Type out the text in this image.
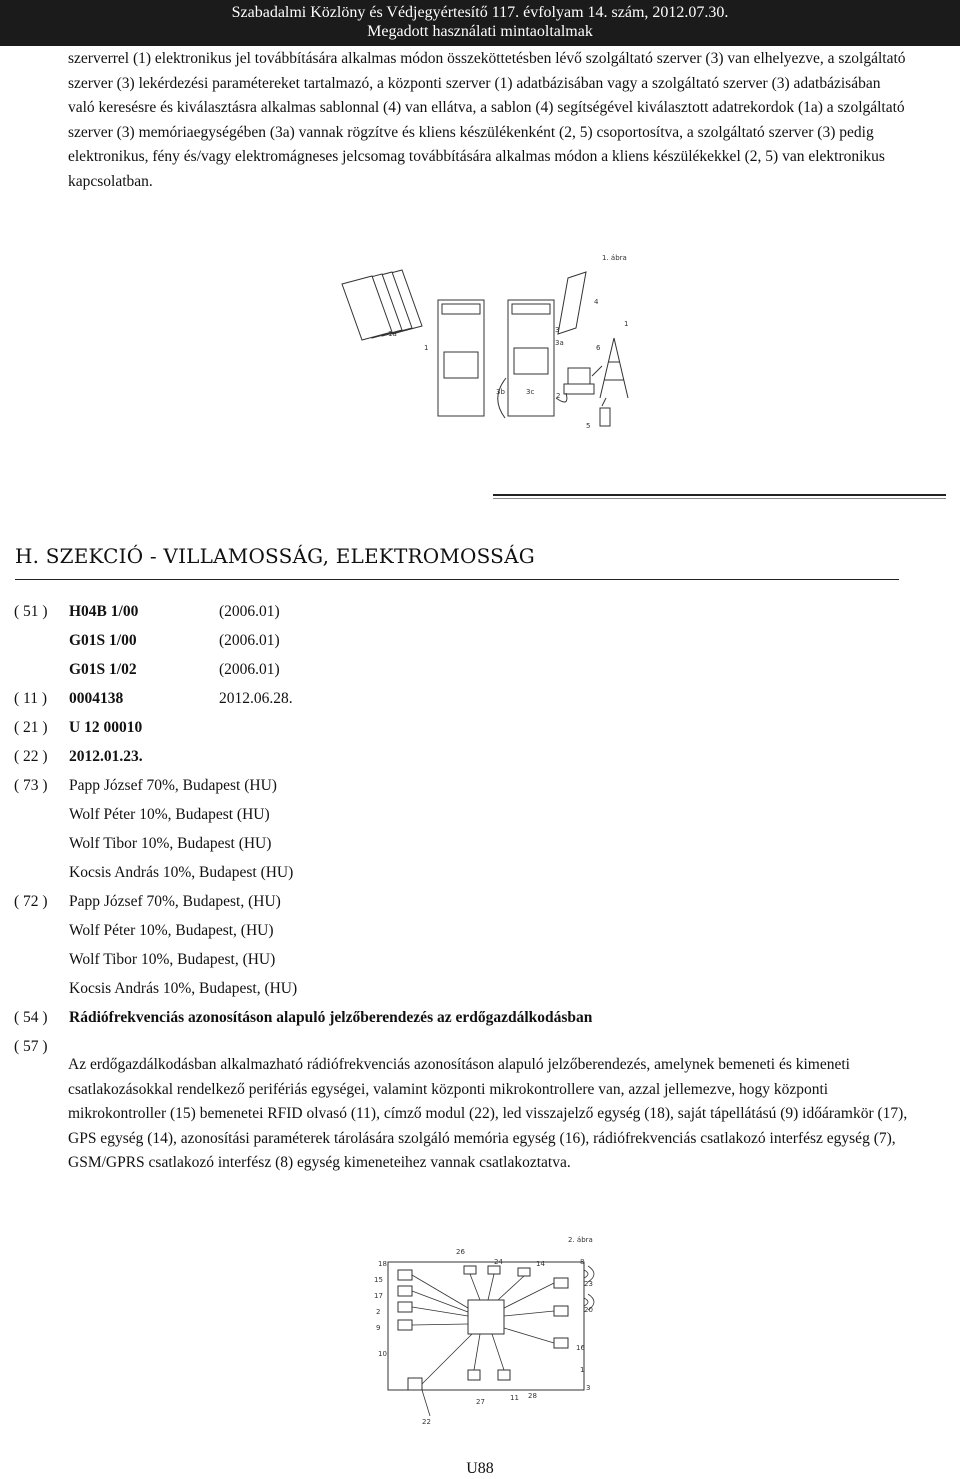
Szabadalmi Közlöny és Védjegyértesítő 117. évfolyam 14. szám, 2012.07.30.
Megadott használati mintaoltalmak
szerverrel (1) elektronikus jel továbbítására alkalmas módon összeköttetésben lévő szolgáltató szerver (3) van elhelyezve, a szolgáltató szerver (3) lekérdezési paramétereket tartalmazó, a központi szerver (1) adatbázisában vagy a szolgáltató szerver (3) adatbázisában való keresésre és kiválasztásra alkalmas sablonnal (4) van ellátva, a sablon (4) segítségével kiválasztott adatrekordok (1a) a szolgáltató szerver (3) memóriaegységében (3a) vannak rögzítve és kliens készülékenként (2, 5) csoportosítva, a szolgáltató szerver (3) pedig elektronikus, fény és/vagy elektromágneses jelcsomag továbbítására alkalmas módon a kliens készülékekkel (2, 5) van elektronikus kapcsolatban.
1. ábra
1a
1
3
3a
4
6
1
3b	3c	2
5
H. SZEKCIÓ - VILLAMOSSÁG, ELEKTROMOSSÁG
( 51 ) H04B 1/00	(2006.01)
G01S 1/00	(2006.01)
G01S 1/02	(2006.01)
( 11 ) 0004138	2012.06.28.
( 21 ) U 12 00010
( 22 ) 2012.01.23.
( 73 ) Papp József 70%, Budapest (HU)
Wolf Péter 10%, Budapest (HU)
Wolf Tibor 10%, Budapest (HU)
Kocsis András 10%, Budapest (HU)
( 72 ) Papp József 70%, Budapest, (HU)
Wolf Péter 10%, Budapest, (HU)
Wolf Tibor 10%, Budapest, (HU)
Kocsis András 10%, Budapest, (HU)
( 54 ) Rádiófrekvenciás azonosításon alapuló jelzőberendezés az erdőgazdálkodásban
( 57 )
Az erdőgazdálkodásban alkalmazható rádiófrekvenciás azonosításon alapuló jelzőberendezés, amelynek bemeneti és kimeneti csatlakozásokkal rendelkező perifériás egységei, valamint központi mikrokontrollere van, azzal jellemezve, hogy központi mikrokontroller (15) bemenetei RFID olvasó (11), címző modul (22), led visszajelző egység (18), saját tápellátású (9) időáramkör (17), GPS egység (14), azonosítási paraméterek tárolására szolgáló memória egység (16), rádiófrekvenciás csatlakozó interfész egység (7), GSM/GPRS csatlakozó interfész (8) egység kimeneteihez vannak csatlakoztatva.
2. ábra
26
18	24	14	8
15	23
17
20
2
9
16
10
1
3
27	11 28
22
U88
